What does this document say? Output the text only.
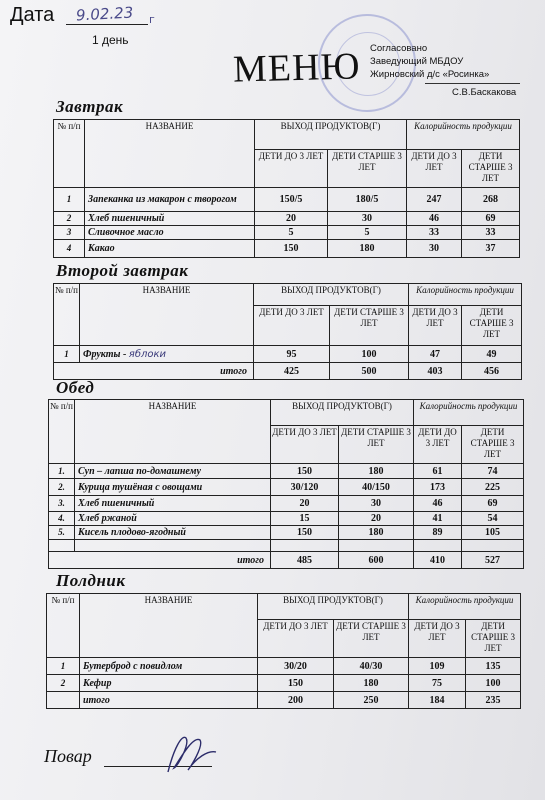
Дата 9.02.23 г
1 день
МЕНЮ Согласовано
Заведующий МБДОУ
Жирновский д/с «Росинка»
С.В.Баскакова
Завтрак
№ п/п	НАЗВАНИЕ	ВЫХОД ПРОДУКТОВ(Г)		Калорийность продукции	
		ДЕТИ ДО 3 ЛЕТ	ДЕТИ СТАРШЕ 3 ЛЕТ	ДЕТИ ДО 3 ЛЕТ	ДЕТИ СТАРШЕ 3 ЛЕТ
1	Запеканка из макарон с творогом	150/5	180/5	247	268
2	Хлеб пшеничный	20	30	46	69
3	Сливочное масло	5	5	33	33
4	Какао	150	180	30	37
Второй завтрак
№ п/п	НАЗВАНИЕ	ВЫХОД ПРОДУКТОВ(Г)		Калорийность продукции	
		ДЕТИ ДО 3 ЛЕТ	ДЕТИ СТАРШЕ 3 ЛЕТ	ДЕТИ ДО 3 ЛЕТ	ДЕТИ СТАРШЕ 3 ЛЕТ
1	Фрукты - яблоки	95	100	47	49
итого		425	500	403	456
Обед
№ п/п	НАЗВАНИЕ	ВЫХОД ПРОДУКТОВ(Г)		Калорийность продукции	
		ДЕТИ ДО 3 ЛЕТ	ДЕТИ СТАРШЕ 3 ЛЕТ	ДЕТИ ДО 3 ЛЕТ	ДЕТИ СТАРШЕ 3 ЛЕТ
1.	Суп – лапша по-домашнему	150	180	61	74
2.	Курица тушёная с овощами	30/120	40/150	173	225
3.	Хлеб пшеничный	20	30	46	69
4.	Хлеб ржаной	15	20	41	54
5.	Кисель плодово-ягодный	150	180	89	105

итого		485	600	410	527
Полдник
№ п/п	НАЗВАНИЕ	ВЫХОД ПРОДУКТОВ(Г)		Калорийность продукции	
		ДЕТИ ДО 3 ЛЕТ	ДЕТИ СТАРШЕ 3 ЛЕТ	ДЕТИ ДО 3 ЛЕТ	ДЕТИ СТАРШЕ 3 ЛЕТ
1	Бутерброд с повидлом	30/20	40/30	109	135
2	Кефир	150	180	75	100
	итого	200	250	184	235
Повар
